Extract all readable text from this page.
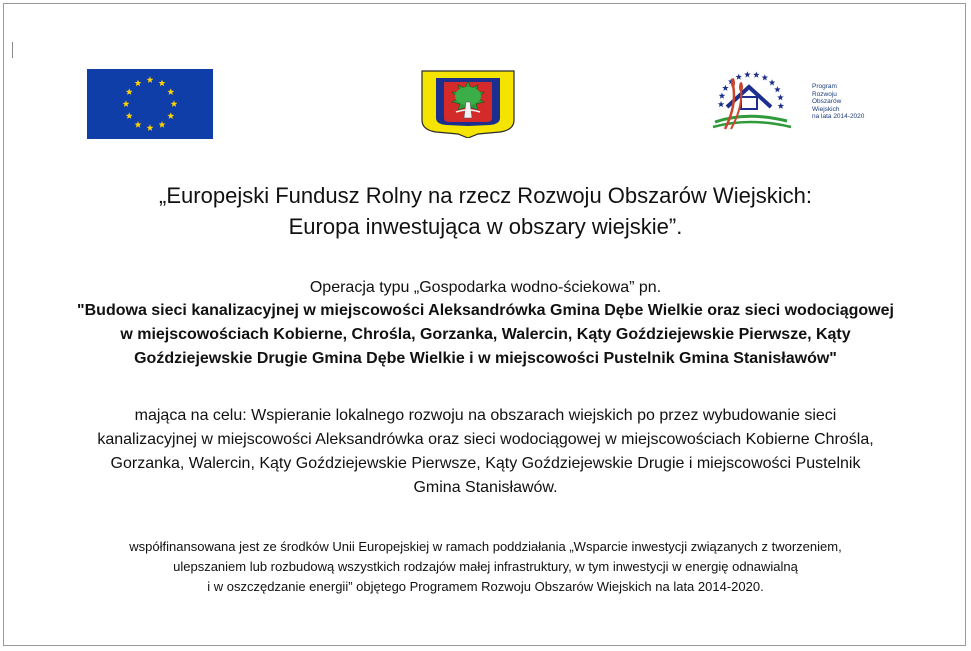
Program
Rozwoju
Obszarów
Wiejskich
na lata 2014-2020
„Europejski Fundusz Rolny na rzecz Rozwoju Obszarów Wiejskich:
Europa inwestująca w obszary wiejskie”.
Operacja typu „Gospodarka wodno-ściekowa” pn.
"Budowa sieci kanalizacyjnej w miejscowości Aleksandrówka Gmina Dębe Wielkie oraz sieci wodociągowej
w miejscowościach Kobierne, Chrośla, Gorzanka, Walercin, Kąty Goździejewskie Pierwsze, Kąty
Goździejewskie Drugie Gmina Dębe Wielkie i w miejscowości Pustelnik Gmina Stanisławów"
mająca na celu: Wspieranie lokalnego rozwoju na obszarach wiejskich po przez wybudowanie sieci
kanalizacyjnej w miejscowości Aleksandrówka oraz sieci wodociągowej w miejscowościach Kobierne Chrośla,
Gorzanka, Walercin, Kąty Goździejewskie Pierwsze, Kąty Goździejewskie Drugie i miejscowości Pustelnik
Gmina Stanisławów.
współfinansowana jest ze środków Unii Europejskiej w ramach poddziałania „Wsparcie inwestycji związanych z tworzeniem,
ulepszaniem lub rozbudową wszystkich rodzajów małej infrastruktury, w tym inwestycji w energię odnawialną
i w oszczędzanie energii” objętego Programem Rozwoju Obszarów Wiejskich na lata 2014-2020.
